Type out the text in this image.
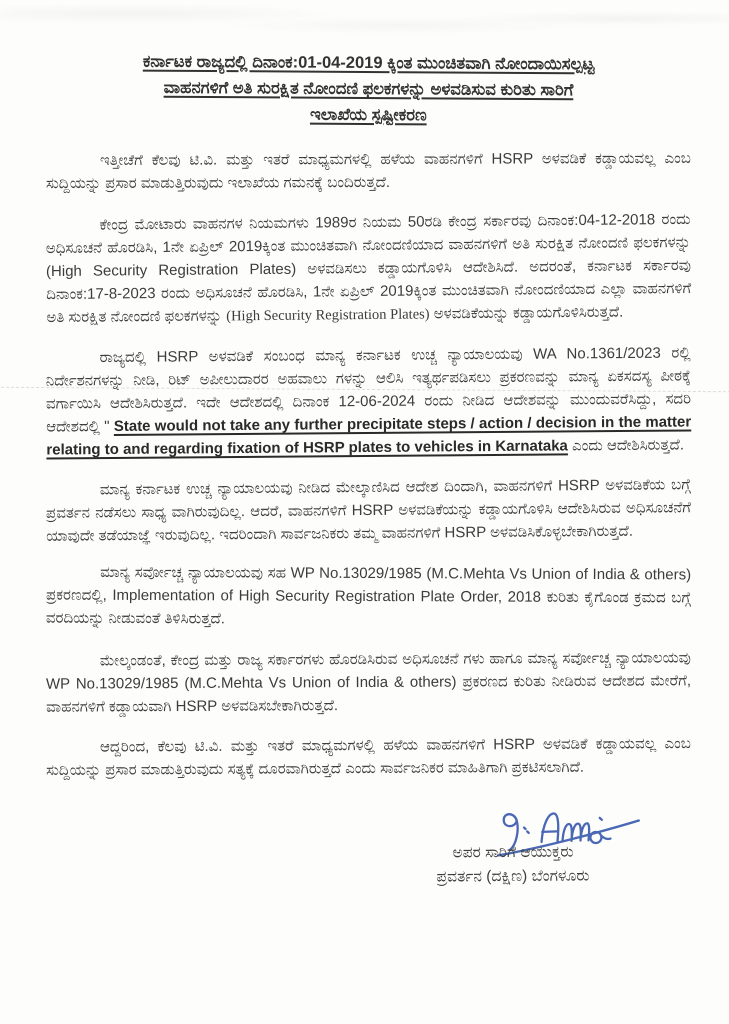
ಕರ್ನಾಟಕ ರಾಜ್ಯದಲ್ಲಿ ದಿನಾಂಕ:01-04-2019 ಕ್ಕಿಂತ ಮುಂಚಿತವಾಗಿ ನೋಂದಾಯಿಸಲ್ಪಟ್ಟ
ವಾಹನಗಳಿಗೆ ಅತಿ ಸುರಕ್ಷಿತ ನೋಂದಣಿ ಫಲಕಗಳನ್ನು ಅಳವಡಿಸುವ ಕುರಿತು ಸಾರಿಗೆ
ಇಲಾಖೆಯ ಸ್ಪಷ್ಟೀಕರಣ

ಇತ್ತೀಚೆಗೆ ಕೆಲವು ಟಿ.ವಿ. ಮತ್ತು ಇತರೆ ಮಾಧ್ಯಮಗಳಲ್ಲಿ ಹಳೆಯ ವಾಹನಗಳಿಗೆ HSRP ಅಳವಡಿಕೆ ಕಡ್ಡಾಯವಲ್ಲ ಎಂಬ ಸುದ್ದಿಯನ್ನು ಪ್ರಸಾರ ಮಾಡುತ್ತಿರುವುದು ಇಲಾಖೆಯ ಗಮನಕ್ಕೆ ಬಂದಿರುತ್ತದೆ.

ಕೇಂದ್ರ ಮೋಟಾರು ವಾಹನಗಳ ನಿಯಮಗಳು 1989ರ ನಿಯಮ 50ರಡಿ ಕೇಂದ್ರ ಸರ್ಕಾರವು ದಿನಾಂಕ:04-12-2018 ರಂದು ಅಧಿಸೂಚನೆ ಹೊರಡಿಸಿ, 1ನೇ ಏಪ್ರಿಲ್ 2019ಕ್ಕಿಂತ ಮುಂಚಿತವಾಗಿ ನೋಂದಣಿಯಾದ ವಾಹನಗಳಿಗೆ ಅತಿ ಸುರಕ್ಷಿತ ನೋಂದಣಿ ಫಲಕಗಳನ್ನು (High Security Registration Plates) ಅಳವಡಿಸಲು ಕಡ್ಡಾಯಗೊಳಿಸಿ ಆದೇಶಿಸಿದೆ. ಅದರಂತೆ, ಕರ್ನಾಟಕ ಸರ್ಕಾರವು ದಿನಾಂಕ:17-8-2023 ರಂದು ಅಧಿಸೂಚನೆ ಹೊರಡಿಸಿ, 1ನೇ ಏಪ್ರಿಲ್ 2019ಕ್ಕಿಂತ ಮುಂಚಿತವಾಗಿ ನೋಂದಣಿಯಾದ ಎಲ್ಲಾ ವಾಹನಗಳಿಗೆ ಅತಿ ಸುರಕ್ಷಿತ ನೋಂದಣಿ ಫಲಕಗಳನ್ನು (High Security Registration Plates) ಅಳವಡಿಕೆಯನ್ನು ಕಡ್ಡಾಯಗೊಳಿಸಿರುತ್ತದೆ.

ರಾಜ್ಯದಲ್ಲಿ HSRP ಅಳವಡಿಕೆ ಸಂಬಂಧ ಮಾನ್ಯ ಕರ್ನಾಟಕ ಉಚ್ಚ ನ್ಯಾಯಾಲಯವು WA No.1361/2023 ರಲ್ಲಿ ನಿರ್ದೇಶನಗಳನ್ನು ನೀಡಿ, ರಿಟ್ ಅಪೀಲುದಾರರ ಅಹವಾಲು ಗಳನ್ನು ಆಲಿಸಿ ಇತ್ಯರ್ಥಪಡಿಸಲು ಪ್ರಕರಣವನ್ನು ಮಾನ್ಯ ಏಕಸದಸ್ಯ ಪೀಠಕ್ಕೆ ವರ್ಗಾಯಿಸಿ ಆದೇಶಿಸಿರುತ್ತದೆ. ಇದೇ ಆದೇಶದಲ್ಲಿ ದಿನಾಂಕ 12-06-2024 ರಂದು ನೀಡಿದ ಆದೇಶವನ್ನು ಮುಂದುವರೆಸಿದ್ದು, ಸದರಿ ಆದೇಶದಲ್ಲಿ " State would not take any further precipitate steps / action / decision in the matter relating to and regarding fixation of HSRP plates to vehicles in Karnataka ಎಂದು ಆದೇಶಿಸಿರುತ್ತದೆ.

ಮಾನ್ಯ ಕರ್ನಾಟಕ ಉಚ್ಚ ನ್ಯಾಯಾಲಯವು ನೀಡಿದ ಮೇಲ್ಕಾಣಿಸಿದ ಆದೇಶ ದಿಂದಾಗಿ, ವಾಹನಗಳಿಗೆ HSRP ಅಳವಡಿಕೆಯ ಬಗ್ಗೆ ಪ್ರವರ್ತನ ನಡೆಸಲು ಸಾಧ್ಯ ವಾಗಿರುವುದಿಲ್ಲ. ಆದರೆ, ವಾಹನಗಳಿಗೆ HSRP ಅಳವಡಿಕೆಯನ್ನು ಕಡ್ಡಾಯಗೊಳಿಸಿ ಆದೇಶಿಸಿರುವ ಅಧಿಸೂಚನೆಗೆ ಯಾವುದೇ ತಡೆಯಾಜ್ಞೆ ಇರುವುದಿಲ್ಲ. ಇದರಿಂದಾಗಿ ಸಾರ್ವಜನಿಕರು ತಮ್ಮ ವಾಹನಗಳಿಗೆ HSRP ಅಳವಡಿಸಿಕೊಳ್ಳಬೇಕಾಗಿರುತ್ತದೆ.

ಮಾನ್ಯ ಸರ್ವೋಚ್ಚ ನ್ಯಾಯಾಲಯವು ಸಹ WP No.13029/1985 (M.C.Mehta Vs Union of India & others) ಪ್ರಕರಣದಲ್ಲಿ, Implementation of High Security Registration Plate Order, 2018 ಕುರಿತು ಕೈಗೊಂಡ ಕ್ರಮದ ಬಗ್ಗೆ ವರದಿಯನ್ನು ನೀಡುವಂತೆ ತಿಳಿಸಿರುತ್ತದೆ.

ಮೇಲ್ಕಂಡಂತೆ, ಕೇಂದ್ರ ಮತ್ತು ರಾಜ್ಯ ಸರ್ಕಾರಗಳು ಹೊರಡಿಸಿರುವ ಅಧಿಸೂಚನೆ ಗಳು ಹಾಗೂ ಮಾನ್ಯ ಸರ್ವೋಚ್ಚ ನ್ಯಾಯಾಲಯವು WP No.13029/1985 (M.C.Mehta Vs Union of India & others) ಪ್ರಕರಣದ ಕುರಿತು ನೀಡಿರುವ ಆದೇಶದ ಮೇರೆಗೆ, ವಾಹನಗಳಿಗೆ ಕಡ್ಡಾಯವಾಗಿ HSRP ಅಳವಡಿಸಬೇಕಾಗಿರುತ್ತದೆ.

ಆದ್ದರಿಂದ, ಕೆಲವು ಟಿ.ವಿ. ಮತ್ತು ಇತರೆ ಮಾಧ್ಯಮಗಳಲ್ಲಿ ಹಳೆಯ ವಾಹನಗಳಿಗೆ HSRP ಅಳವಡಿಕೆ ಕಡ್ಡಾಯವಲ್ಲ ಎಂಬ ಸುದ್ದಿಯನ್ನು ಪ್ರಸಾರ ಮಾಡುತ್ತಿರುವುದು ಸತ್ಯಕ್ಕೆ ದೂರವಾಗಿರುತ್ತದೆ ಎಂದು ಸಾರ್ವಜನಿಕರ ಮಾಹಿತಿಗಾಗಿ ಪ್ರಕಟಿಸಲಾಗಿದೆ.

ಅಪರ ಸಾರಿಗೆ ಆಯುಕ್ತರು
ಪ್ರವರ್ತನ (ದಕ್ಷಿಣ) ಬೆಂಗಳೂರು
